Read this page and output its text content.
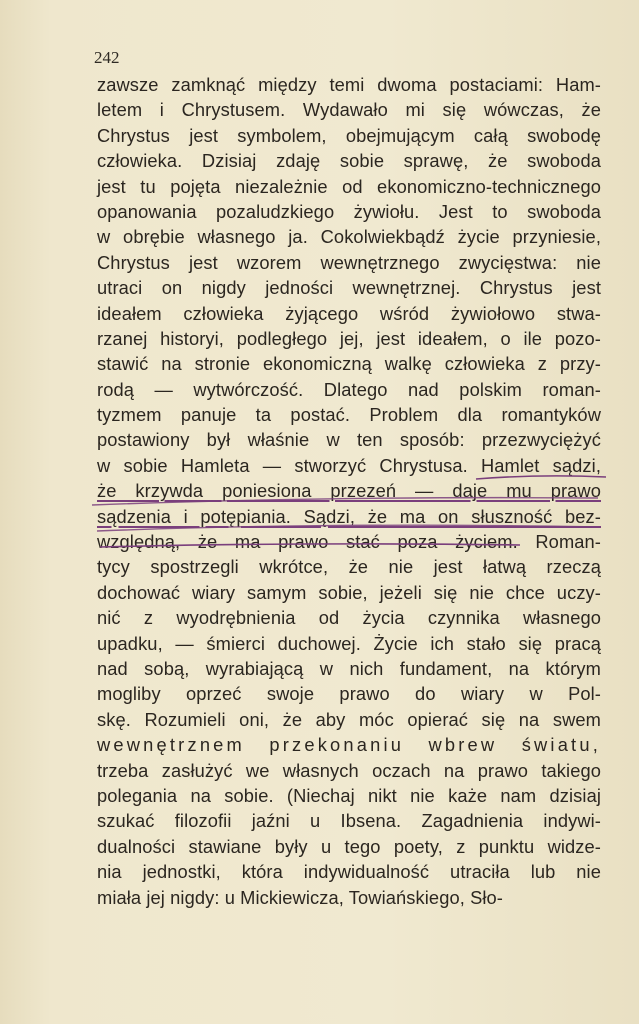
242
zawsze zamknąć między temi dwoma postaciami: Ham-
letem i Chrystusem. Wydawało mi się wówczas, że
Chrystus jest symbolem, obejmującym całą swobodę
człowieka. Dzisiaj zdaję sobie sprawę, że swoboda
jest tu pojęta niezależnie od ekonomiczno-technicznego
opanowania pozaludzkiego żywiołu. Jest to swoboda
w obrębie własnego ja. Cokolwiekbądź życie przyniesie,
Chrystus jest wzorem wewnętrznego zwycięstwa: nie
utraci on nigdy jedności wewnętrznej. Chrystus jest
ideałem człowieka żyjącego wśród żywiołowo stwa-
rzanej historyi, podległego jej, jest ideałem, o ile pozo-
stawić na stronie ekonomiczną walkę człowieka z przy-
rodą — wytwórczość. Dlatego nad polskim roman-
tyzmem panuje ta postać. Problem dla romantyków
postawiony był właśnie w ten sposób: przezwyciężyć
w sobie Hamleta — stworzyć Chrystusa. Hamlet sądzi,
że krzywda poniesiona przezeń — daje mu prawo
sądzenia i potępiania. Sądzi, że ma on słuszność bez-
względną, że ma prawo stać poza życiem. Roman-
tycy spostrzegli wkrótce, że nie jest łatwą rzeczą
dochować wiary samym sobie, jeżeli się nie chce uczy-
nić z wyodrębnienia od życia czynnika własnego
upadku, — śmierci duchowej. Życie ich stało się pracą
nad sobą, wyrabiającą w nich fundament, na którym
mogliby oprzeć swoje prawo do wiary w Pol-
skę. Rozumieli oni, że aby móc opierać się na swem
wewnętrznem przekonaniu wbrew światu,
trzeba zasłużyć we własnych oczach na prawo takiego
polegania na sobie. (Niechaj nikt nie każe nam dzisiaj
szukać filozofii jaźni u Ibsena. Zagadnienia indywi-
dualności stawiane były u tego poety, z punktu widze-
nia jednostki, która indywidualność utraciła lub nie
miała jej nigdy: u Mickiewicza, Towiańskiego, Sło-
